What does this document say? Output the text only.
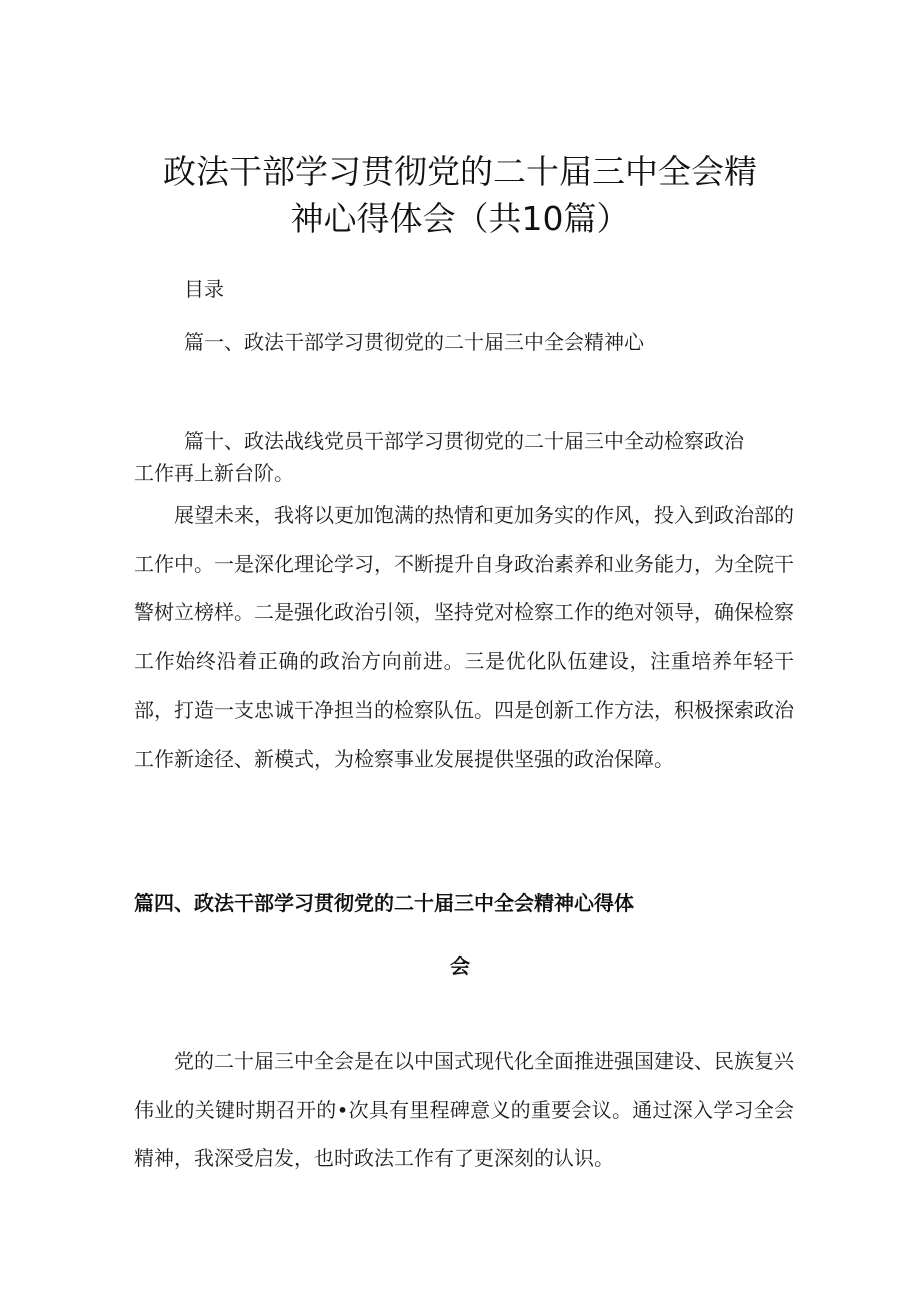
政法干部学习贯彻党的二十届三中全会精
神心得体会（共10篇）
目录
篇一、政法干部学习贯彻党的二十届三中全会精神心
篇十、政法战线党员干部学习贯彻党的二十届三中全动检察政治
工作再上新台阶。
展望未来，我将以更加饱满的热情和更加务实的作风，投入到政治部的工作中。一是深化理论学习，不断提升自身政治素养和业务能力，为全院干警树立榜样。二是强化政治引领，坚持党对检察工作的绝对领导，确保检察工作始终沿着正确的政治方向前进。三是优化队伍建设，注重培养年轻干部，打造一支忠诚干净担当的检察队伍。四是创新工作方法，积极探索政治工作新途径、新模式，为检察事业发展提供坚强的政治保障。
篇四、政法干部学习贯彻党的二十届三中全会精神心得体
会
党的二十届三中全会是在以中国式现代化全面推进强国建设、民族复兴伟业的关键时期召开的•次具有里程碑意义的重要会议。通过深入学习全会精神，我深受启发，也时政法工作有了更深刻的认识。
